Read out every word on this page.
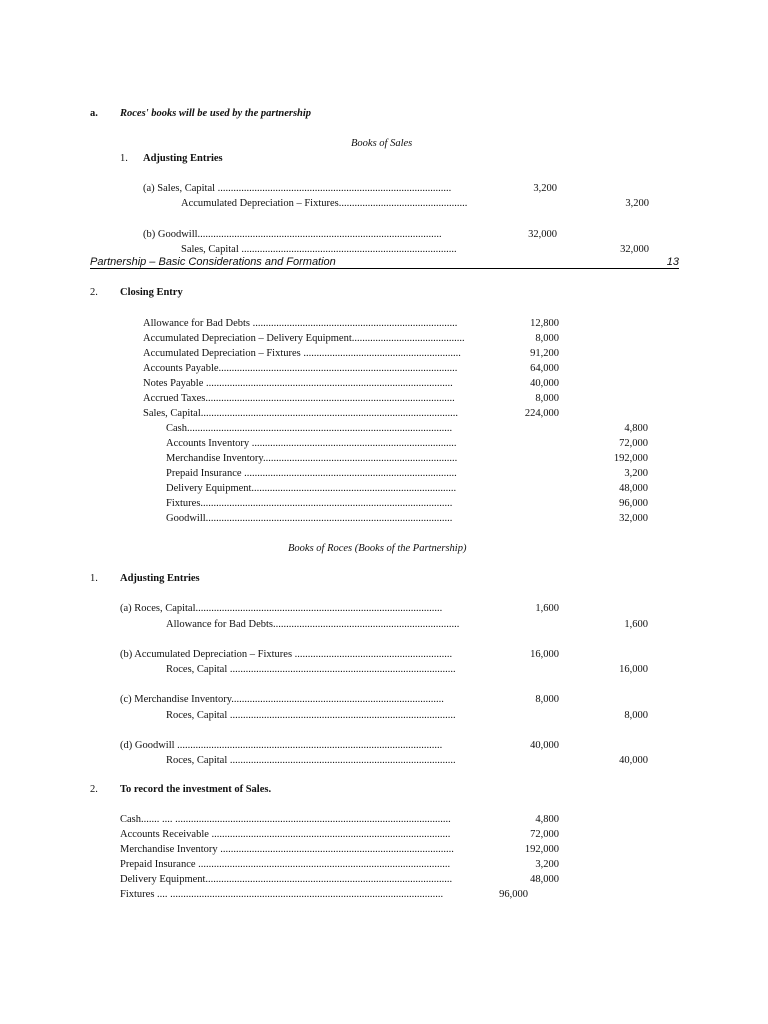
a. Roces' books will be used by the partnership
Books of Sales
1. Adjusting Entries
(a) Sales, Capital .........................................................................................	3,200
Accumulated Depreciation – Fixtures.................................................	3,200
(b) Goodwill.............................................................................................	32,000
Sales, Capital ..................................................................................	32,000
Partnership – Basic Considerations and Formation	13
2. Closing Entry
Books of Roces (Books of the Partnership)
1. Adjusting Entries
2. To record the investment of Sales.
Allowance for Bad Debts ..............................................................................	12,800
Accumulated Depreciation – Delivery Equipment...........................................	8,000
Accumulated Depreciation – Fixtures ............................................................	91,200
Accounts Payable...........................................................................................	64,000
Notes Payable ..............................................................................................	40,000
Accrued Taxes...............................................................................................	8,000
Sales, Capital..................................................................................................	224,000
Cash.....................................................................................................	4,800
Accounts Inventory ..............................................................................	72,000
Merchandise Inventory..........................................................................	192,000
Prepaid Insurance .................................................................................	3,200
Delivery Equipment..............................................................................	48,000
Fixtures................................................................................................	96,000
Goodwill..............................................................................................	32,000
(a) Roces, Capital..............................................................................................	1,600
Allowance for Bad Debts.......................................................................	1,600
(b) Accumulated Depreciation – Fixtures ............................................................	16,000
Roces, Capital ......................................................................................	16,000
(c) Merchandise Inventory.................................................................................	8,000
Roces, Capital ......................................................................................	8,000
(d) Goodwill .....................................................................................................	40,000
Roces, Capital ......................................................................................	40,000
Cash....... .... .........................................................................................................	4,800
Accounts Receivable ...........................................................................................	72,000
Merchandise Inventory .........................................................................................	192,000
Prepaid Insurance ................................................................................................	3,200
Delivery Equipment..............................................................................................	48,000
Fixtures .... ........................................................................................................	96,000
